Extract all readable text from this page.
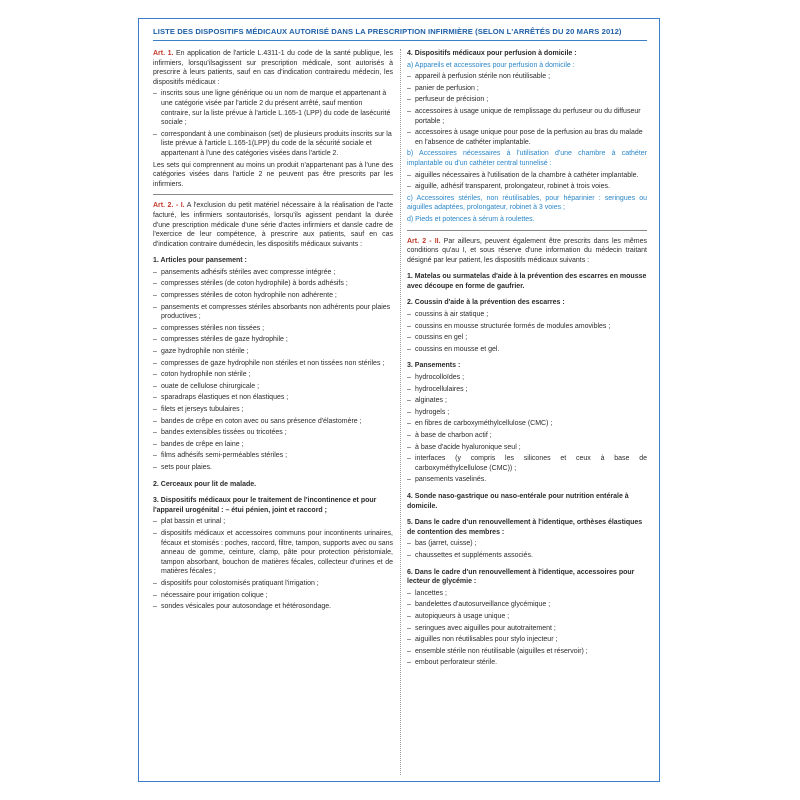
LISTE DES DISPOSITIFS MÉDICAUX AUTORISÉ DANS LA PRESCRIPTION INFIRMIÈRE (SELON L'ARRÊTÉS DU 20 MARS 2012)

Art. 1. En application de l'article L.4311-1 du code de la santé publique, les infirmiers, lorsqu'ilsagissent sur prescription médicale, sont autorisés à prescrire à leurs patients, sauf en cas d'indication contrairedu médecin, les dispositifs médicaux :

– inscrits sous une ligne générique ou un nom de marque et appartenant à une catégorie visée par l'article 2 du présent arrêté, sauf mention contraire, sur la liste prévue à l'article L.165-1 (LPP) du code de lasécurité sociale ;
– correspondant à une combinaison (set) de plusieurs produits inscrits sur la liste prévue à l'article L.165-1(LPP) du code de la sécurité sociale et appartenant à l'une des catégories visées dans l'article 2.

Les sets qui comprennent au moins un produit n'appartenant pas à l'une des catégories visées dans l'article 2 ne peuvent pas être prescrits par les infirmiers.

Art. 2. - I. A l'exclusion du petit matériel nécessaire à la réalisation de l'acte facturé, les infirmiers sontautorisés, lorsqu'ils agissent pendant la durée d'une prescription médicale d'une série d'actes infirmiers et danslе cadre de l'exercice de leur compétence, à prescrire aux patients, sauf en cas d'indication contraire dumédecin, les dispositifs médicaux suivants :

1. Articles pour pansement :
– pansements adhésifs stériles avec compresse intégrée ;
– compresses stériles (de coton hydrophile) à bords adhésifs ;
– compresses stériles de coton hydrophile non adhérente ;
– pansements et compresses stériles absorbants non adhérents pour plaies productives ;
– compresses stériles non tissées ;
– compresses stériles de gaze hydrophile ;
– gaze hydrophile non stérile ;
– compresses de gaze hydrophile non stériles et non tissées non stériles ;
– coton hydrophile non stérile ;
– ouate de cellulose chirurgicale ;
– sparadraps élastiques et non élastiques ;
– filets et jerseys tubulaires ;
– bandes de crêpe en coton avec ou sans présence d'élastomère ;
– bandes extensibles tissées ou tricotées ;
– bandes de crêpe en laine ;
– films adhésifs semi-perméables stériles ;
– sets pour plaies.
2. Cerceaux pour lit de malade.
3. Dispositifs médicaux pour le traitement de l'incontinence et pour l'appareil urogénital : – étui pénien, joint et raccord ;
– plat bassin et urinal ;
– dispositifs médicaux et accessoires communs pour incontinents urinaires, fécaux et stomisés : poches, raccord, filtre, tampon, supports avec ou sans anneau de gomme, ceinture, clamp, pâte pour protection péristomiale, tampon absorbant, bouchon de matières fécales, collecteur d'urines et de matières fécales ;
– dispositifs pour colostomisés pratiquant l'irrigation ;
– nécessaire pour irrigation colique ;
– sondes vésicales pour autosondage et hétérosondage.
4. Dispositifs médicaux pour perfusion à domicile :

a) Appareils et accessoires pour perfusion à domicile :

– appareil à perfusion stérile non réutilisable ;
– panier de perfusion ;
– perfuseur de précision ;
– accessoires à usage unique de remplissage du perfuseur ou du diffuseur portable ;
– accessoires à usage unique pour pose de la perfusion au bras du malade en l'absence de cathéter implantable.

b) Accessoires nécessaires à l'utilisation d'une chambre à cathéter implantable ou d'un cathéter central tunnelisé :

– aiguilles nécessaires à l'utilisation de la chambre à cathéter implantable.
– aiguille, adhésif transparent, prolongateur, robinet à trois voies.

c) Accessoires stériles, non réutilisables, pour héparinier : seringues ou aiguilles adaptées, prolongateur, robinet à 3 voies ;

d) Pieds et potences à sérum à roulettes.

Art. 2 - II. Par ailleurs, peuvent également être prescrits dans les mêmes conditions qu'au I, et sous réserve d'une information du médecin traitant désigné par leur patient, les dispositifs médicaux suivants :

1. Matelas ou surmatelas d'aide à la prévention des escarres en mousse avec découpe en forme de gaufrier.
2. Coussin d'aide à la prévention des escarres :
– coussins à air statique ;
– coussins en mousse structurée formés de modules amovibles ;
– coussins en gel ;
– coussins en mousse et gel.
3. Pansements :
– hydrocolloïdes ;
– hydrocellulaires ;
– alginates ;
– hydrogels ;
– en fibres de carboxyméthylcellulose (CMC) ;
– à base de charbon actif ;
– à base d'acide hyaluronique seul ;
– interfaces (y compris les silicones et ceux à base de carboxyméthylcellulose (CMC)) ;
– pansements vaselinés.
4. Sonde naso-gastrique ou naso-entérale pour nutrition entérale à domicile.
5. Dans le cadre d'un renouvellement à l'identique, orthèses élastiques de contention des membres :
– bas (jarret, cuisse) ;
– chaussettes et suppléments associés.
6. Dans le cadre d'un renouvellement à l'identique, accessoires pour lecteur de glycémie :
– lancettes ;
– bandelettes d'autosurveillance glycémique ;
– autopiqueurs à usage unique ;
– seringues avec aiguilles pour autotraitement ;
– aiguilles non réutilisables pour stylo injecteur ;
– ensemble stérile non réutilisable (aiguilles et réservoir) ;
– embout perforateur stérile.
